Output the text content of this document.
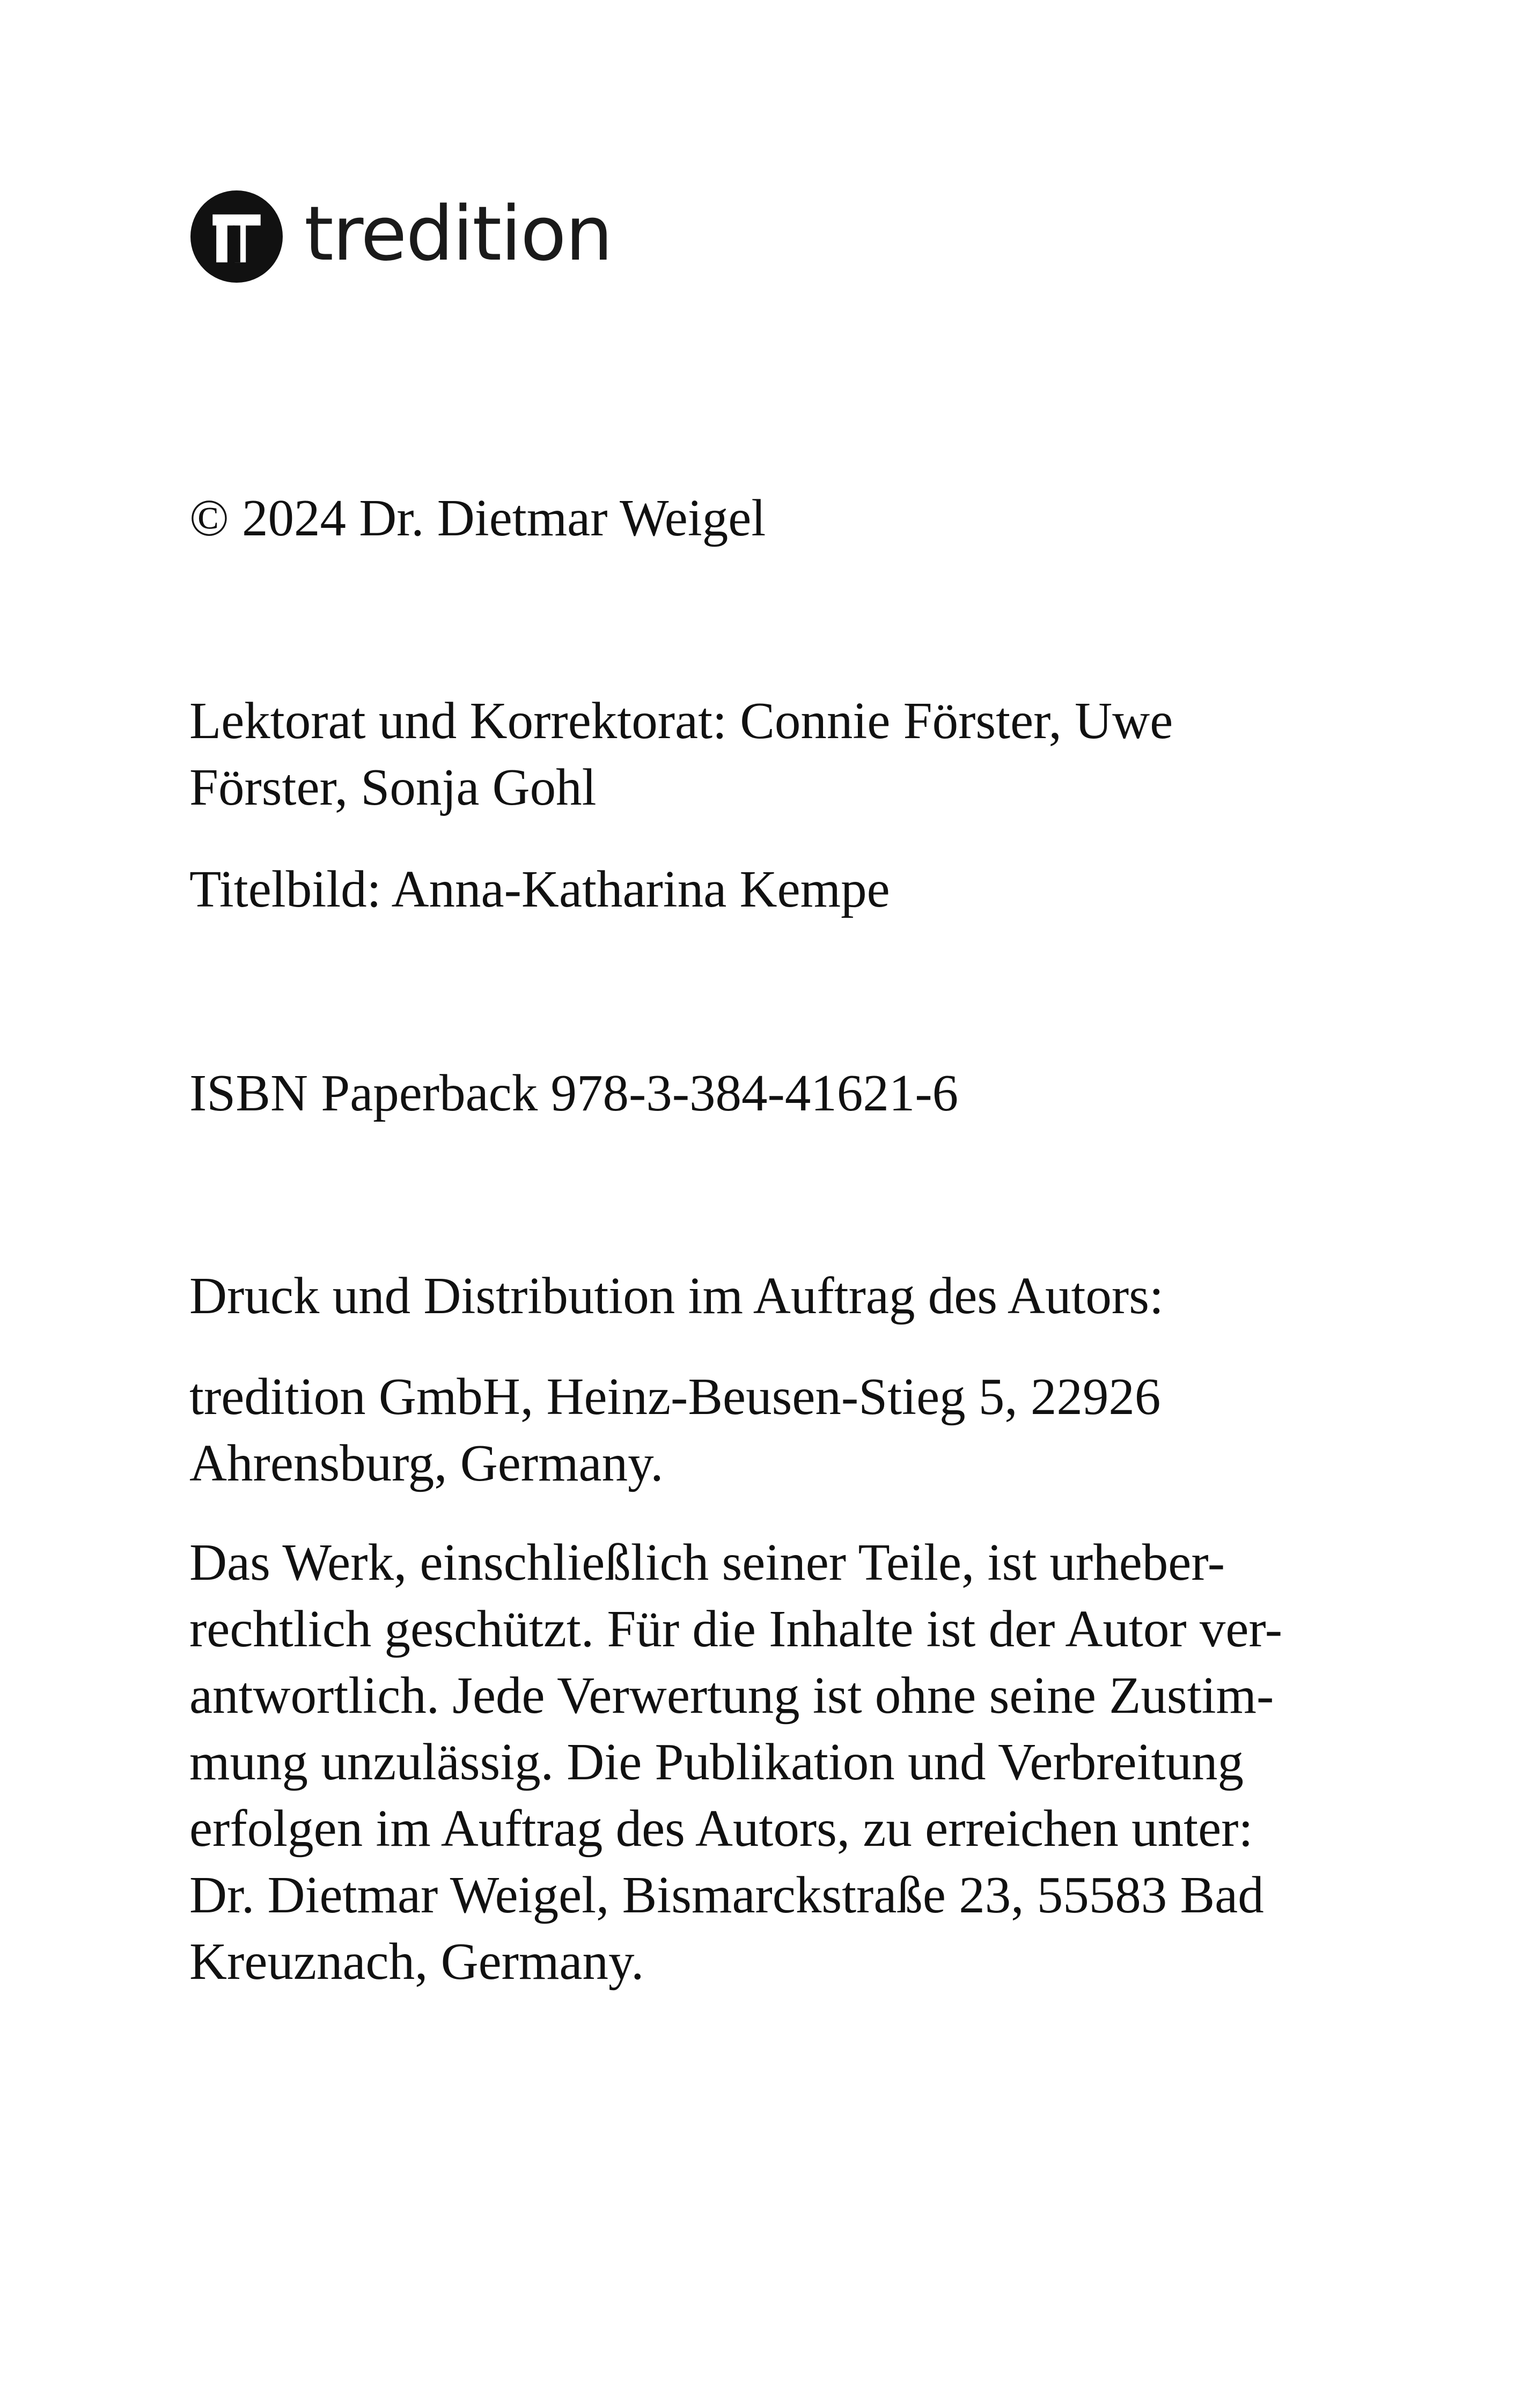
tredition

© 2024 Dr. Dietmar Weigel

Lektorat und Korrektorat: Connie Förster, Uwe
Förster, Sonja Gohl

Titelbild: Anna-Katharina Kempe

ISBN Paperback 978-3-384-41621-6

Druck und Distribution im Auftrag des Autors:

tredition GmbH, Heinz-Beusen-Stieg 5, 22926
Ahrensburg, Germany.

Das Werk, einschließlich seiner Teile, ist urheber-
rechtlich geschützt. Für die Inhalte ist der Autor ver-
antwortlich. Jede Verwertung ist ohne seine Zustim-
mung unzulässig. Die Publikation und Verbreitung
erfolgen im Auftrag des Autors, zu erreichen unter:
Dr. Dietmar Weigel, Bismarckstraße 23, 55583 Bad
Kreuznach, Germany.
